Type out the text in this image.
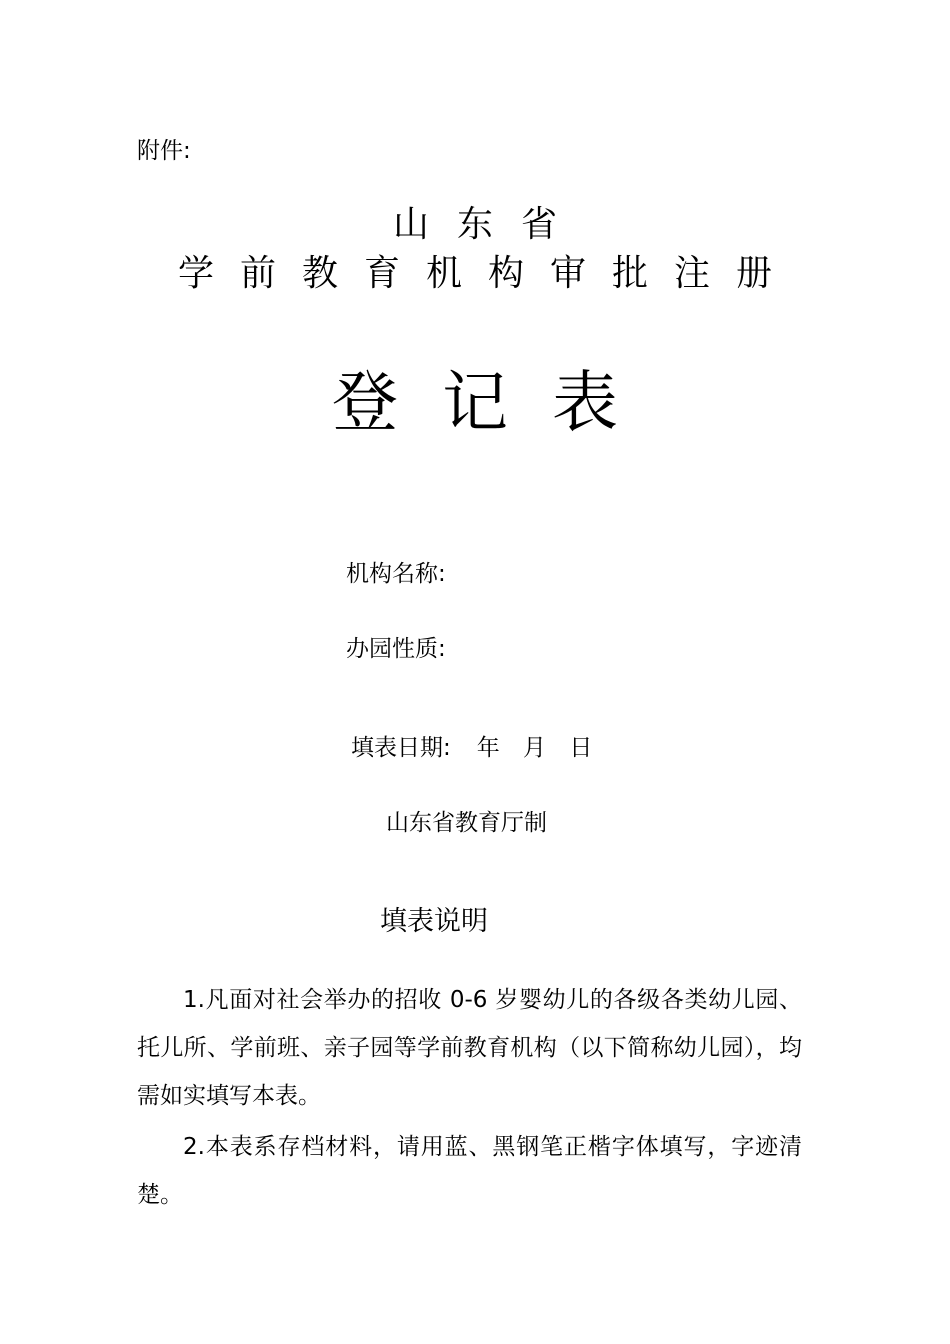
附件:
山东省
学前教育机构审批注册
登记表
机构名称:
办园性质:
填表日期: 年 月 日
山东省教育厅制
填表说明

1.凡面对社会举办的招收 0-6 岁婴幼儿的各级各类幼儿园、托儿所、学前班、亲子园等学前教育机构（以下简称幼儿园），均需如实填写本表。

2.本表系存档材料，请用蓝、黑钢笔正楷字体填写，字迹清楚。
